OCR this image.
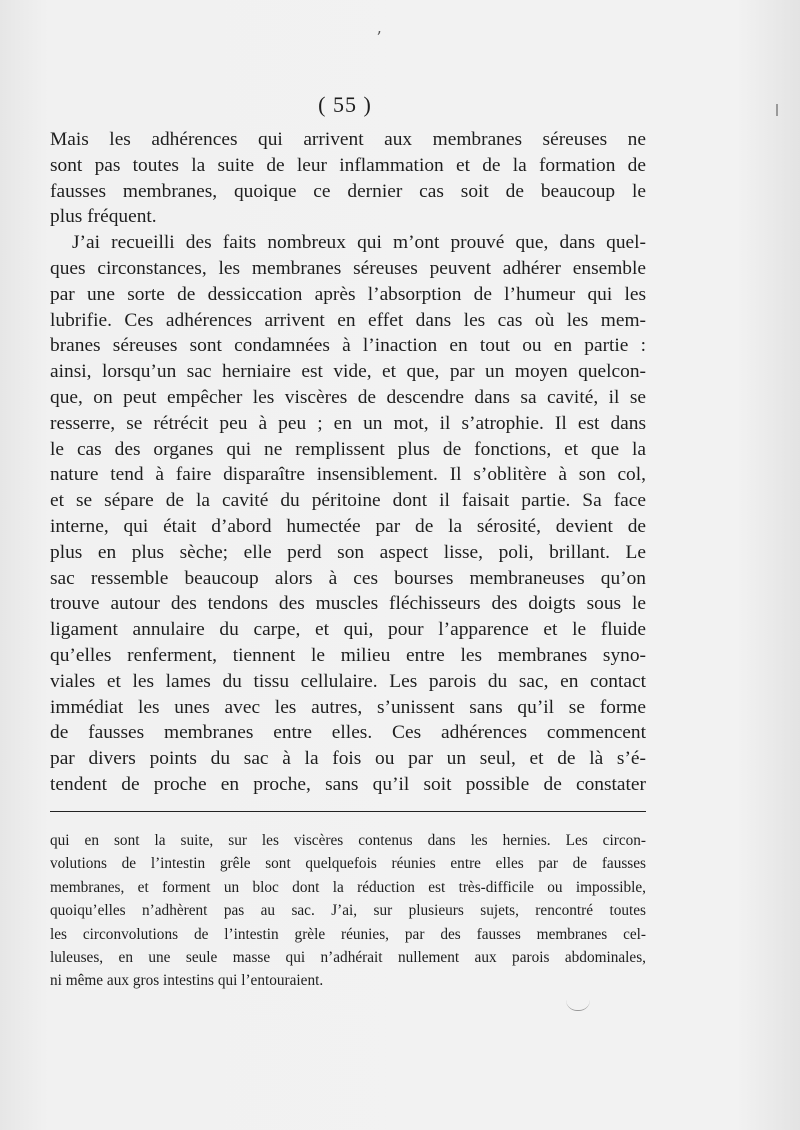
ʼ
( 55 )
Mais les adhérences qui arrivent aux membranes séreuses ne
sont pas toutes la suite de leur inflammation et de la formation de
fausses membranes, quoique ce dernier cas soit de beaucoup le
plus fréquent.
J’ai recueilli des faits nombreux qui m’ont prouvé que, dans quel-
ques circonstances, les membranes séreuses peuvent adhérer ensemble
par une sorte de dessiccation après l’absorption de l’humeur qui les
lubrifie. Ces adhérences arrivent en effet dans les cas où les mem-
branes séreuses sont condamnées à l’inaction en tout ou en partie :
ainsi, lorsqu’un sac herniaire est vide, et que, par un moyen quelcon-
que, on peut empêcher les viscères de descendre dans sa cavité, il se
resserre, se rétrécit peu à peu ; en un mot, il s’atrophie. Il est dans
le cas des organes qui ne remplissent plus de fonctions, et que la
nature tend à faire disparaître insensiblement. Il s’oblitère à son col,
et se sépare de la cavité du péritoine dont il faisait partie. Sa face
interne, qui était d’abord humectée par de la sérosité, devient de
plus en plus sèche; elle perd son aspect lisse, poli, brillant. Le
sac ressemble beaucoup alors à ces bourses membraneuses qu’on
trouve autour des tendons des muscles fléchisseurs des doigts sous le
ligament annulaire du carpe, et qui, pour l’apparence et le fluide
qu’elles renferment, tiennent le milieu entre les membranes syno-
viales et les lames du tissu cellulaire. Les parois du sac, en contact
immédiat les unes avec les autres, s’unissent sans qu’il se forme
de fausses membranes entre elles. Ces adhérences commencent
par divers points du sac à la fois ou par un seul, et de là s’é-
tendent de proche en proche, sans qu’il soit possible de constater
qui en sont la suite, sur les viscères contenus dans les hernies. Les circon-
volutions de l’intestin grêle sont quelquefois réunies entre elles par de fausses
membranes, et forment un bloc dont la réduction est très-difficile ou impossible,
quoiqu’elles n’adhèrent pas au sac. J’ai, sur plusieurs sujets, rencontré toutes
les circonvolutions de l’intestin grèle réunies, par des fausses membranes cel-
luleuses, en une seule masse qui n’adhérait nullement aux parois abdominales,
ni même aux gros intestins qui l’entouraient.
